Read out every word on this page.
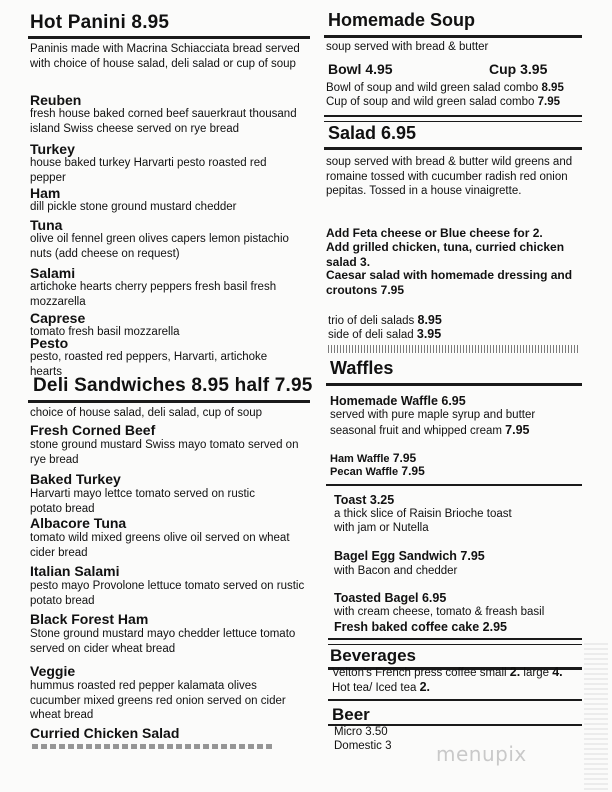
Hot Panini 8.95
Paninis made with Macrina Schiacciata bread served with choice of house salad, deli salad or cup of soup
Reuben
fresh house baked corned beef sauerkraut thousand island Swiss cheese served on rye bread
Turkey
house baked turkey Harvarti pesto roasted red pepper
Ham
dill pickle stone ground mustard chedder
Tuna
olive oil fennel green olives capers lemon pistachio nuts (add cheese on request)
Salami
artichoke hearts cherry peppers fresh basil fresh mozzarella
Caprese
tomato fresh basil mozzarella
Pesto
pesto, roasted red peppers, Harvarti, artichoke hearts
Deli Sandwiches 8.95 half 7.95
choice of house salad, deli salad, cup of soup
Fresh Corned Beef
stone ground mustard Swiss mayo tomato served on rye bread
Baked Turkey
Harvarti mayo lettce tomato served on rustic potato bread
Albacore Tuna
tomato wild mixed greens olive oil served on wheat cider bread
Italian Salami
pesto mayo Provolone lettuce tomato served on rustic potato bread
Black Forest Ham
Stone ground mustard mayo chedder lettuce tomato served on cider wheat bread
Veggie
hummus roasted red pepper kalamata olives cucumber mixed greens red onion served on cider wheat bread
Curried Chicken Salad
Homemade Soup
soup served with bread & butter
Bowl 4.95	Cup 3.95
Bowl of soup and wild green salad combo 8.95
Cup of soup and wild green salad combo 7.95
Salad 6.95
soup served with bread & butter wild greens and romaine tossed with cucumber radish red onion pepitas. Tossed in a house vinaigrette.
Add Feta cheese or Blue cheese for 2.
Add grilled chicken, tuna, curried chicken salad 3.
Caesar salad with homemade dressing and croutons 7.95
trio of deli salads 8.95
side of deli salad 3.95
Waffles
Homemade Waffle 6.95
served with pure maple syrup and butter
seasonal fruit and whipped cream 7.95
Ham Waffle 7.95
Pecan Waffle 7.95
Toast 3.25
a thick slice of Raisin Brioche toast
with jam or Nutella
Bagel Egg Sandwich 7.95
with Bacon and chedder
Toasted Bagel 6.95
with cream cheese, tomato & freash basil
Fresh baked coffee cake 2.95
Beverages
Velton's French press coffee small 2. large 4.
Hot tea/ Iced tea 2.
Beer
Micro 3.50
Domestic 3 menupix
